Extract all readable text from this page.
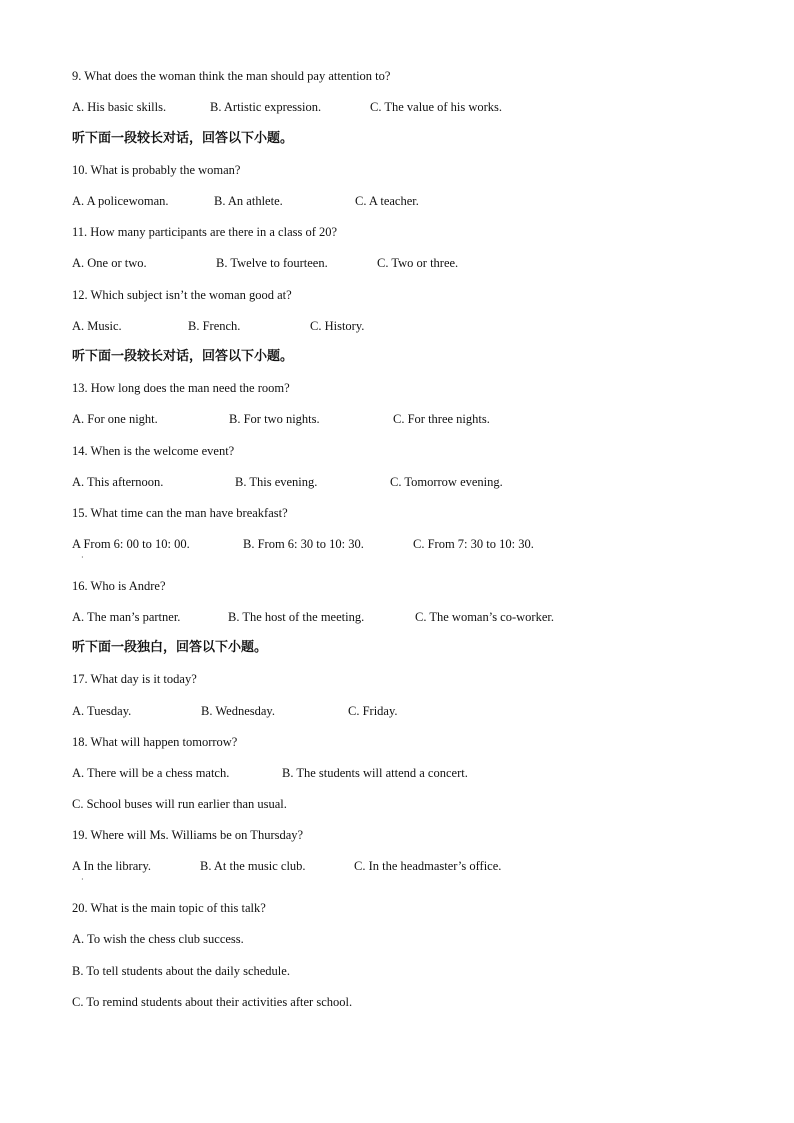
9. What does the woman think the man should pay attention to?
A. His basic skills.	B. Artistic expression.	C. The value of his works.
听下面一段较长对话，回答以下小题。
10. What is probably the woman?
A. A policewoman.	B. An athlete.	C. A teacher.
11. How many participants are there in a class of 20?
A. One or two.	B. Twelve to fourteen.	C. Two or three.
12. Which subject isn’t the woman good at?
A. Music.	B. French.	C. History.
听下面一段较长对话，回答以下小题。
13. How long does the man need the room?
A. For one night.	B. For two nights.	C. For three nights.
14. When is the welcome event?
A. This afternoon.	B. This evening.	C. Tomorrow evening.
15. What time can the man have breakfast?
A From 6: 00 to 10: 00.	B. From 6: 30 to 10: 30.	C. From 7: 30 to 10: 30.
·
16. Who is Andre?
A. The man’s partner.	B. The host of the meeting.	C. The woman’s co-worker.
听下面一段独白，回答以下小题。
17. What day is it today?
A. Tuesday.	B. Wednesday.	C. Friday.
18. What will happen tomorrow?
A. There will be a chess match.	B. The students will attend a concert.
C. School buses will run earlier than usual.
19. Where will Ms. Williams be on Thursday?
A In the library.	B. At the music club.	C. In the headmaster’s office.
·
20. What is the main topic of this talk?
A. To wish the chess club success.
B. To tell students about the daily schedule.
C. To remind students about their activities after school.
